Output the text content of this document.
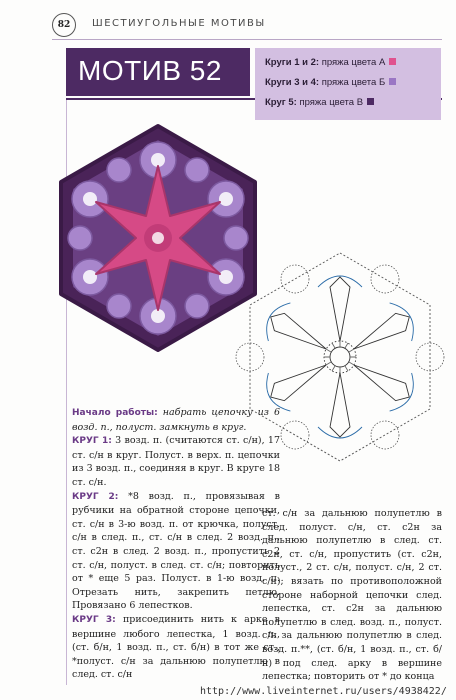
82	ШЕСТИУГОЛЬНЫЕ МОТИВЫ
МОТИВ 52	Круги 1 и 2: пряжа цвета А
Круги 3 и 4: пряжа цвета Б
Круг 5: пряжа цвета В

Начало работы: набрать цепочку из 6 возд. п., полуст. замкнуть в круг.

КРУГ 1: 3 возд. п. (считаются ст. с/н), 17 ст. с/н в круг. Полуст. в верх. п. цепочки из 3 возд. п., соединяя в круг. В круге 18 ст. с/н.

КРУГ 2: *8 возд. п., провязывая в рубчики на обратной стороне цепочки, ст. с/н в 3-ю возд. п. от крючка, полуст. с/н в след. п., ст. с/н в след. 2 возд. п., ст. с2н в след. 2 возд. п., пропустить 2 ст. с/н, полуст. в след. ст. с/н; повторить от * еще 5 раз. Полуст. в 1-ю возд. п. Отрезать нить, закрепить петлю. Провязано 6 лепестков.

КРУГ 3: присоединить нить к арке в вершине любого лепестка, 1 возд. п., (ст. б/н, 1 возд. п., ст. б/н) в тот же ст., *полуст. с/н за дальнюю полупетлю в след. ст. с/н

ст. с/н за дальнюю полупетлю в след. полуст. с/н, ст. с2н за дальнюю полупетлю в след. ст. с2н, ст. с/н, пропустить (ст. с2н, полуст., 2 ст. с/н, полуст. с/н, 2 ст. с/н); вязать по противоположной стороне наборной цепочки след. лепестка, ст. с2н за дальнюю полупетлю в след. возд. п., полуст. с/н за дальнюю полупетлю в след. возд. п.**, (ст. б/н, 1 возд. п., ст. б/н) под след. арку в вершине лепестка; повторить от * до конца

http://www.liveinternet.ru/users/4938422/
